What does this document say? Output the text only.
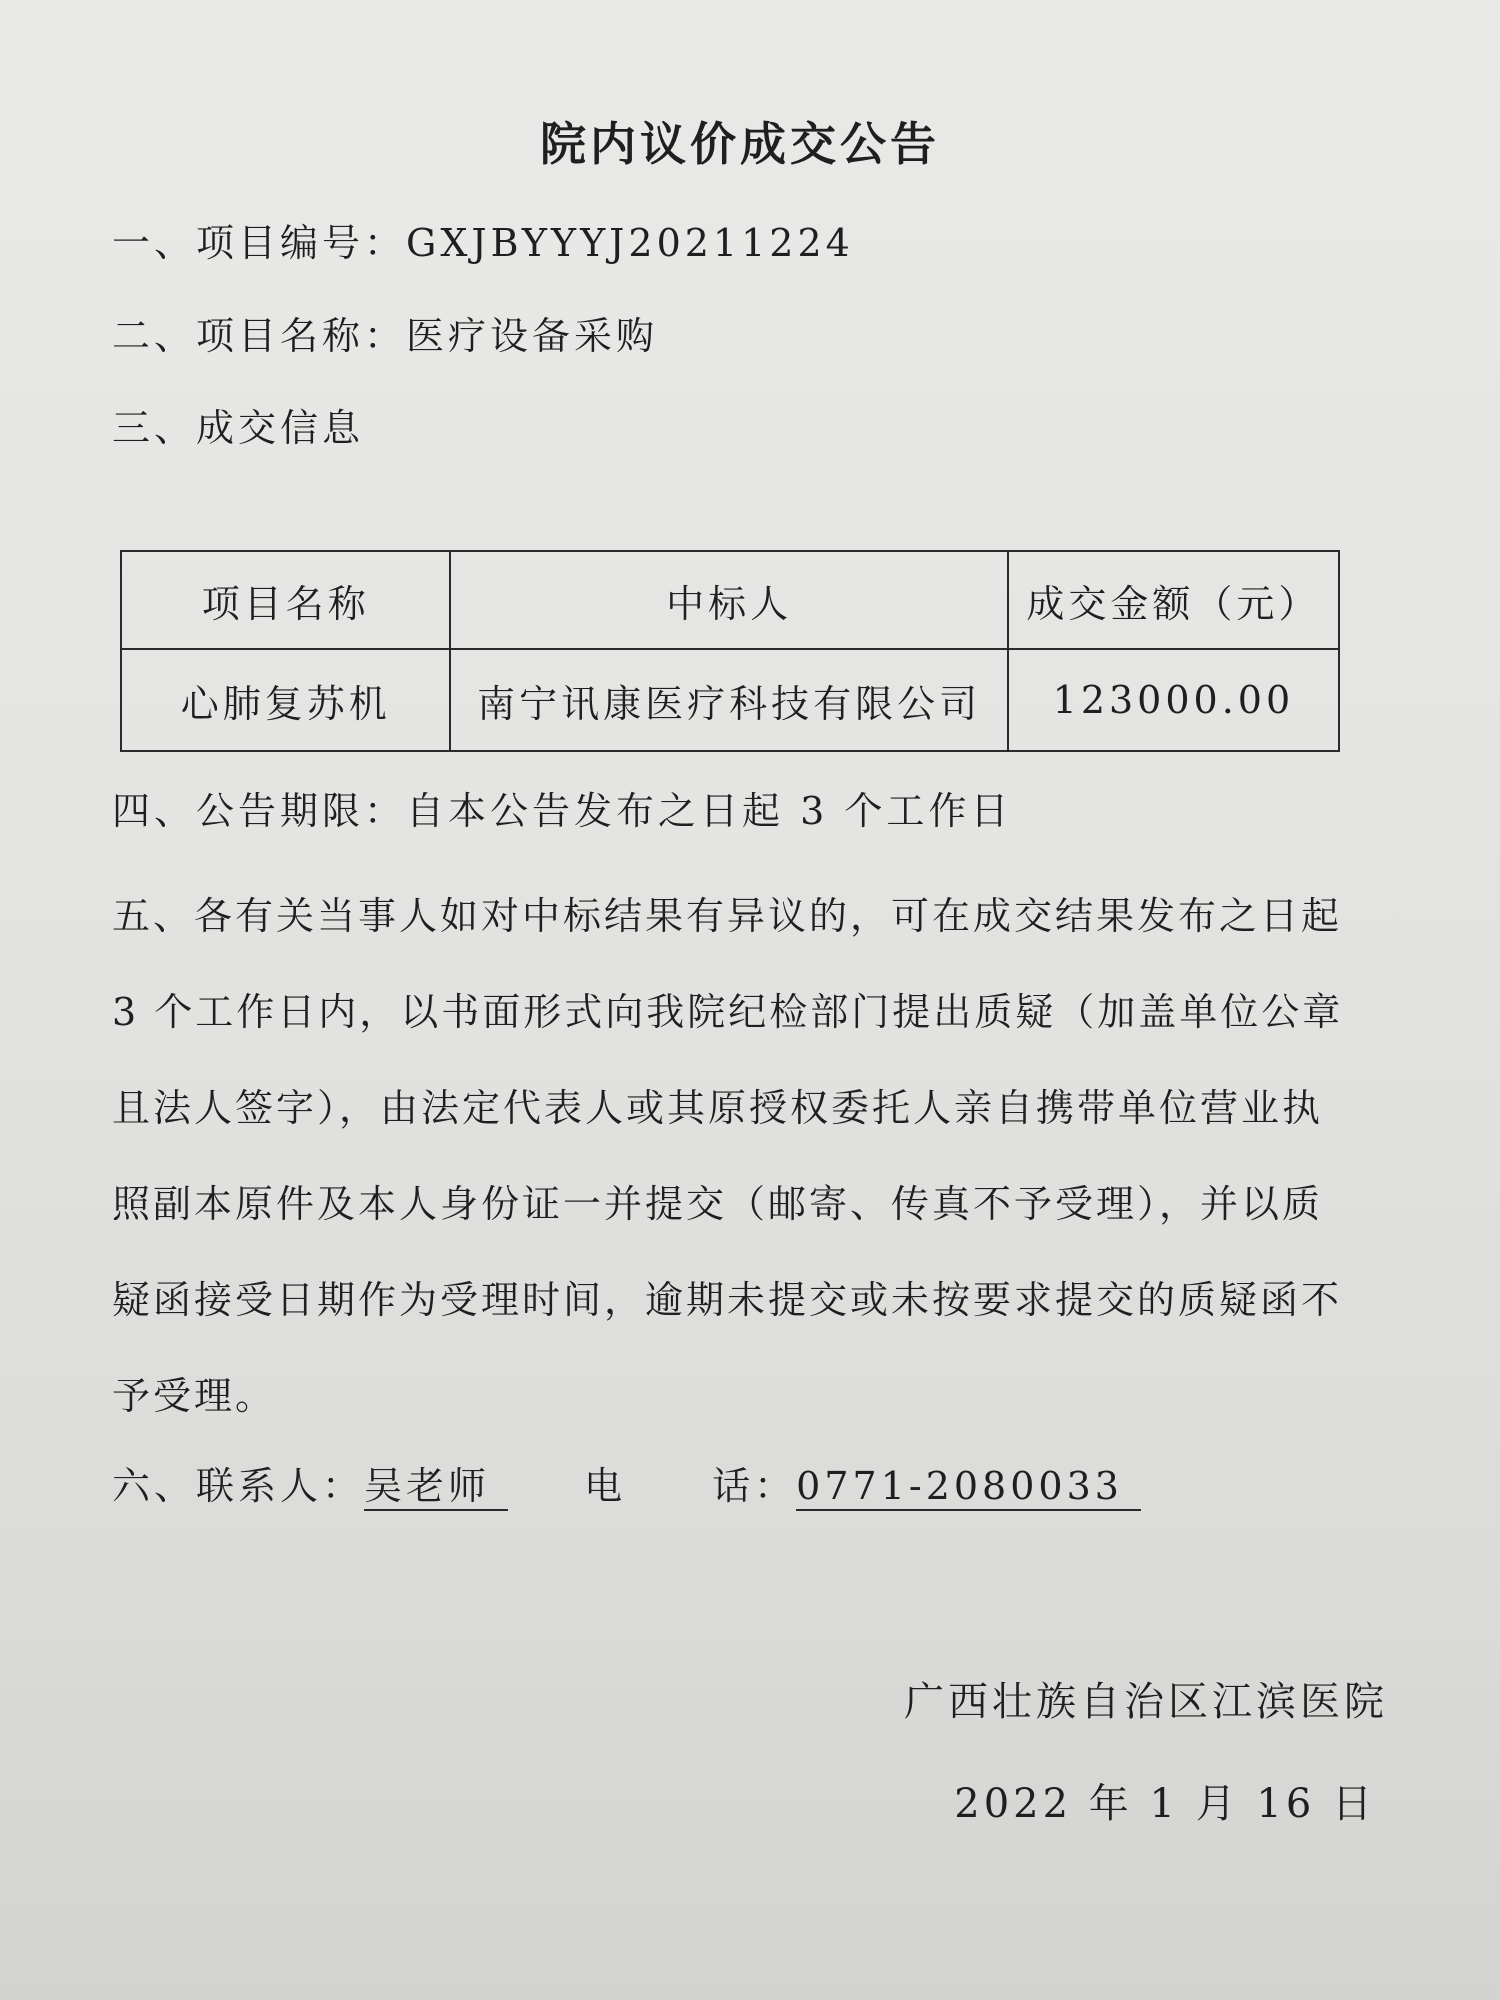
院内议价成交公告
一、项目编号：GXJBYYYJ20211224
二、项目名称：医疗设备采购
三、成交信息
项目名称	中标人	成交金额（元）
心肺复苏机	南宁讯康医疗科技有限公司	123000.00
四、公告期限：自本公告发布之日起 3 个工作日
五、各有关当事人如对中标结果有异议的，可在成交结果发布之日起
3 个工作日内，以书面形式向我院纪检部门提出质疑（加盖单位公章
且法人签字），由法定代表人或其原授权委托人亲自携带单位营业执
照副本原件及本人身份证一并提交（邮寄、传真不予受理），并以质
疑函接受日期作为受理时间，逾期未提交或未按要求提交的质疑函不
予受理。
六、联系人：吴老师 电 话：0771-2080033
广西壮族自治区江滨医院
2022 年 1 月 16 日
